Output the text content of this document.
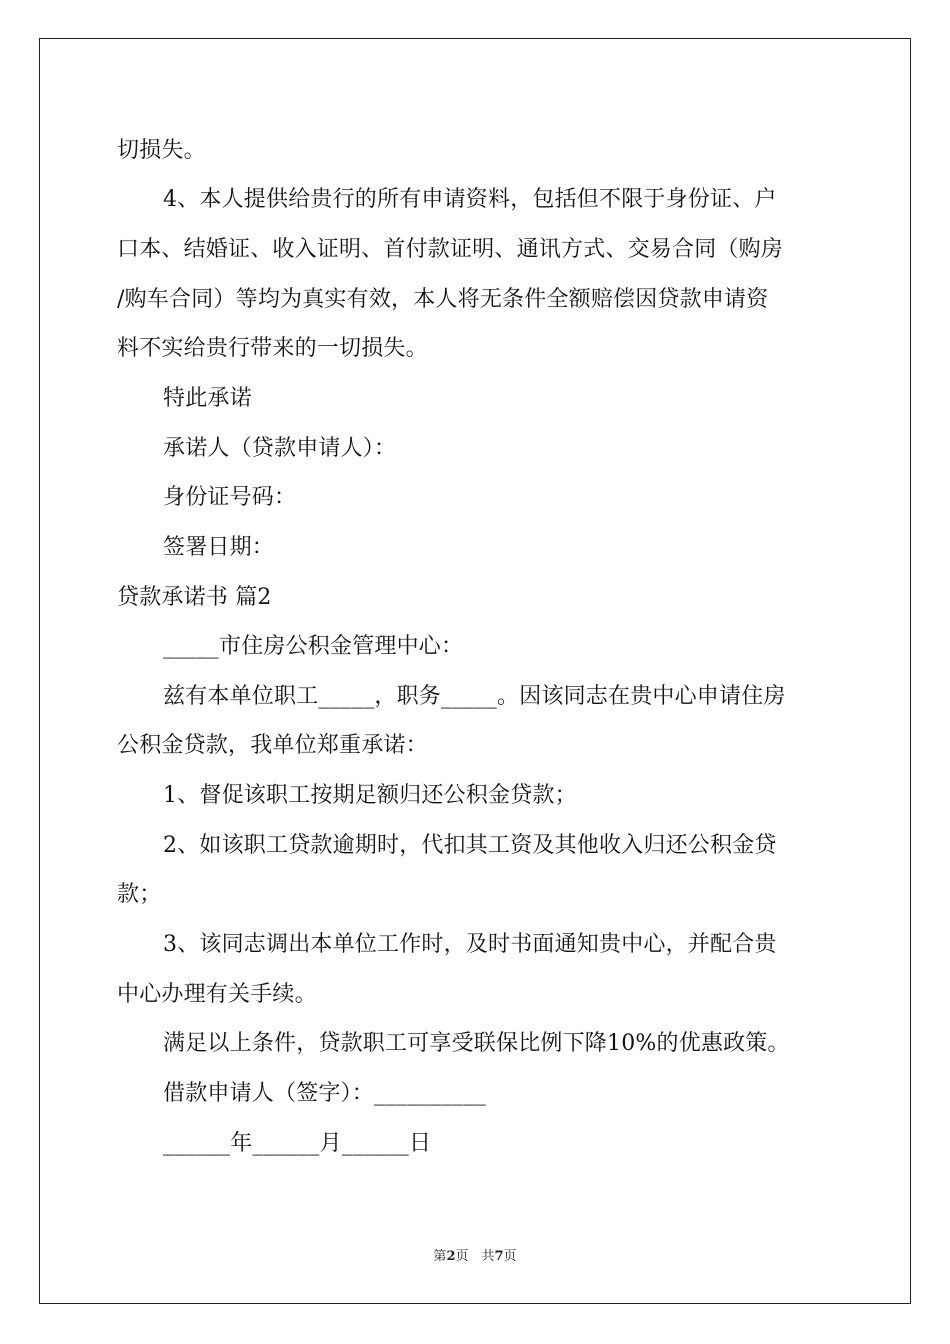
切损失。
4、本人提供给贵行的所有申请资料，包括但不限于身份证、户
口本、结婚证、收入证明、首付款证明、通讯方式、交易合同（购房
/购车合同）等均为真实有效，本人将无条件全额赔偿因贷款申请资
料不实给贵行带来的一切损失。
特此承诺
承诺人（贷款申请人）：
身份证号码：
签署日期：
贷款承诺书 篇2
_____市住房公积金管理中心：
兹有本单位职工_____，职务_____。因该同志在贵中心申请住房
公积金贷款，我单位郑重承诺：
1、督促该职工按期足额归还公积金贷款；
2、如该职工贷款逾期时，代扣其工资及其他收入归还公积金贷
款；
3、该同志调出本单位工作时，及时书面通知贵中心，并配合贵
中心办理有关手续。
满足以上条件，贷款职工可享受联保比例下降10%的优惠政策。
借款申请人（签字）：__________
______年______月______日
第2页　共7页
